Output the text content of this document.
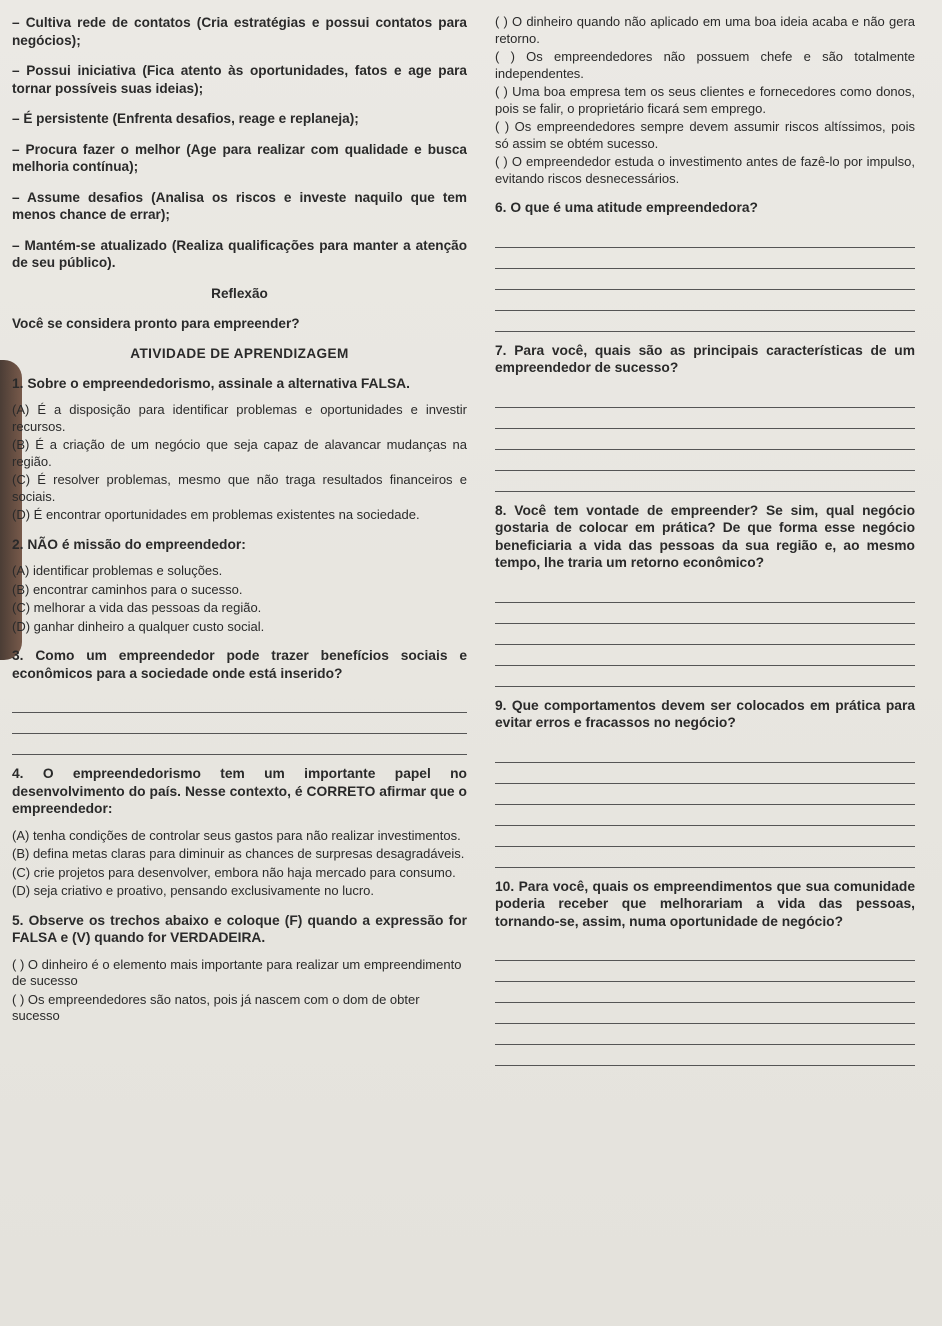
– Cultiva rede de contatos (Cria estratégias e possui contatos para negócios);

– Possui iniciativa (Fica atento às oportunidades, fatos e age para tornar possíveis suas ideias);

– É persistente (Enfrenta desafios, reage e replaneja);

– Procura fazer o melhor (Age para realizar com qualidade e busca melhoria contínua);

– Assume desafios (Analisa os riscos e investe naquilo que tem menos chance de errar);

– Mantém-se atualizado (Realiza qualificações para manter a atenção de seu público).

Reflexão

Você se considera pronto para empreender?

ATIVIDADE DE APRENDIZAGEM

1. Sobre o empreendedorismo, assinale a alternativa FALSA.

(A) É a disposição para identificar problemas e oportunidades e investir recursos.

(B) É a criação de um negócio que seja capaz de alavancar mudanças na região.

(C) É resolver problemas, mesmo que não traga resultados financeiros e sociais.

(D) É encontrar oportunidades em problemas existentes na sociedade.

2. NÃO é missão do empreendedor:

(A) identificar problemas e soluções.

(B) encontrar caminhos para o sucesso.

(C) melhorar a vida das pessoas da região.

(D) ganhar dinheiro a qualquer custo social.

3. Como um empreendedor pode trazer benefícios sociais e econômicos para a sociedade onde está inserido?

4. O empreendedorismo tem um importante papel no desenvolvimento do país. Nesse contexto, é CORRETO afirmar que o empreendedor:

(A) tenha condições de controlar seus gastos para não realizar investimentos.

(B) defina metas claras para diminuir as chances de surpresas desagradáveis.

(C) crie projetos para desenvolver, embora não haja mercado para consumo.

(D) seja criativo e proativo, pensando exclusivamente no lucro.

5. Observe os trechos abaixo e coloque (F) quando a expressão for FALSA e (V) quando for VERDADEIRA.

( ) O dinheiro é o elemento mais importante para realizar um empreendimento de sucesso

( ) Os empreendedores são natos, pois já nascem com o dom de obter sucesso

( ) O dinheiro quando não aplicado em uma boa ideia acaba e não gera retorno.

( ) Os empreendedores não possuem chefe e são totalmente independentes.

( ) Uma boa empresa tem os seus clientes e fornecedores como donos, pois se falir, o proprietário ficará sem emprego.

( ) Os empreendedores sempre devem assumir riscos altíssimos, pois só assim se obtém sucesso.

( ) O empreendedor estuda o investimento antes de fazê-lo por impulso, evitando riscos desnecessários.

6. O que é uma atitude empreendedora?

7. Para você, quais são as principais características de um empreendedor de sucesso?

8. Você tem vontade de empreender? Se sim, qual negócio gostaria de colocar em prática? De que forma esse negócio beneficiaria a vida das pessoas da sua região e, ao mesmo tempo, lhe traria um retorno econômico?

9. Que comportamentos devem ser colocados em prática para evitar erros e fracassos no negócio?

10. Para você, quais os empreendimentos que sua comunidade poderia receber que melhorariam a vida das pessoas, tornando-se, assim, numa oportunidade de negócio?
